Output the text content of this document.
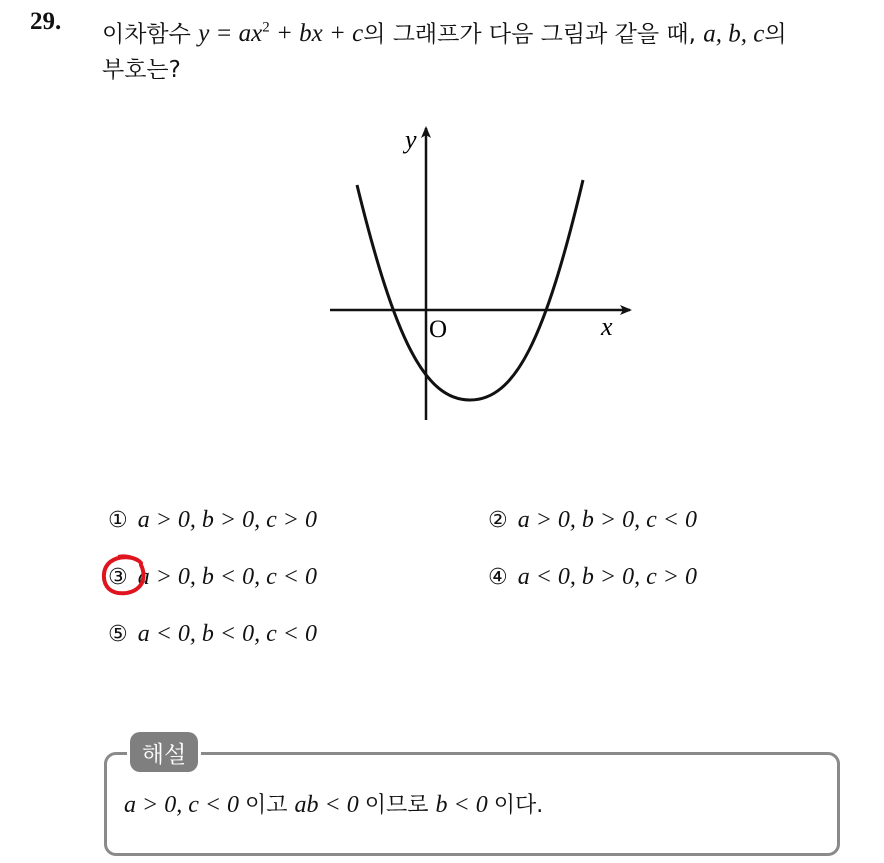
29. 이차함수 $y = ax^2$ + bx + c의 그래프가 다음 그림과 같을 때, a, b, c의
부호는?
y
x
O
① a > 0, b > 0, c > 0	② a > 0, b > 0, c < 0
③ a > 0, b < 0, c < 0	④ a < 0, b > 0, c > 0
⑤ a < 0, b < 0, c < 0
해설
a > 0, c < 0 이고 ab < 0 이므로 b < 0 이다.
